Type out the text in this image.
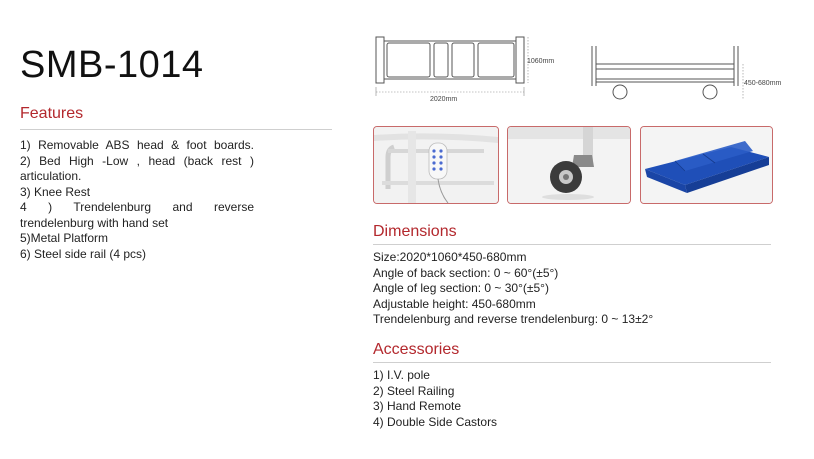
SMB-1014
Features
1) Removable ABS head & foot boards.
2) Bed High -Low , head (back rest )
articulation.
3) Knee Rest
4 ) Trendelenburg and reverse
trendelenburg with hand set
5)Metal Platform
6) Steel side rail (4 pcs)
1060mm
2020mm
450-680mm
Dimensions
Size:2020*1060*450-680mm
Angle of back section: 0 ~ 60°(±5°)
Angle of leg section: 0 ~ 30°(±5°)
Adjustable height: 450-680mm
Trendelenburg and reverse trendelenburg: 0 ~ 13±2°
Accessories
1) I.V. pole
2) Steel Railing
3) Hand Remote
4) Double Side Castors
